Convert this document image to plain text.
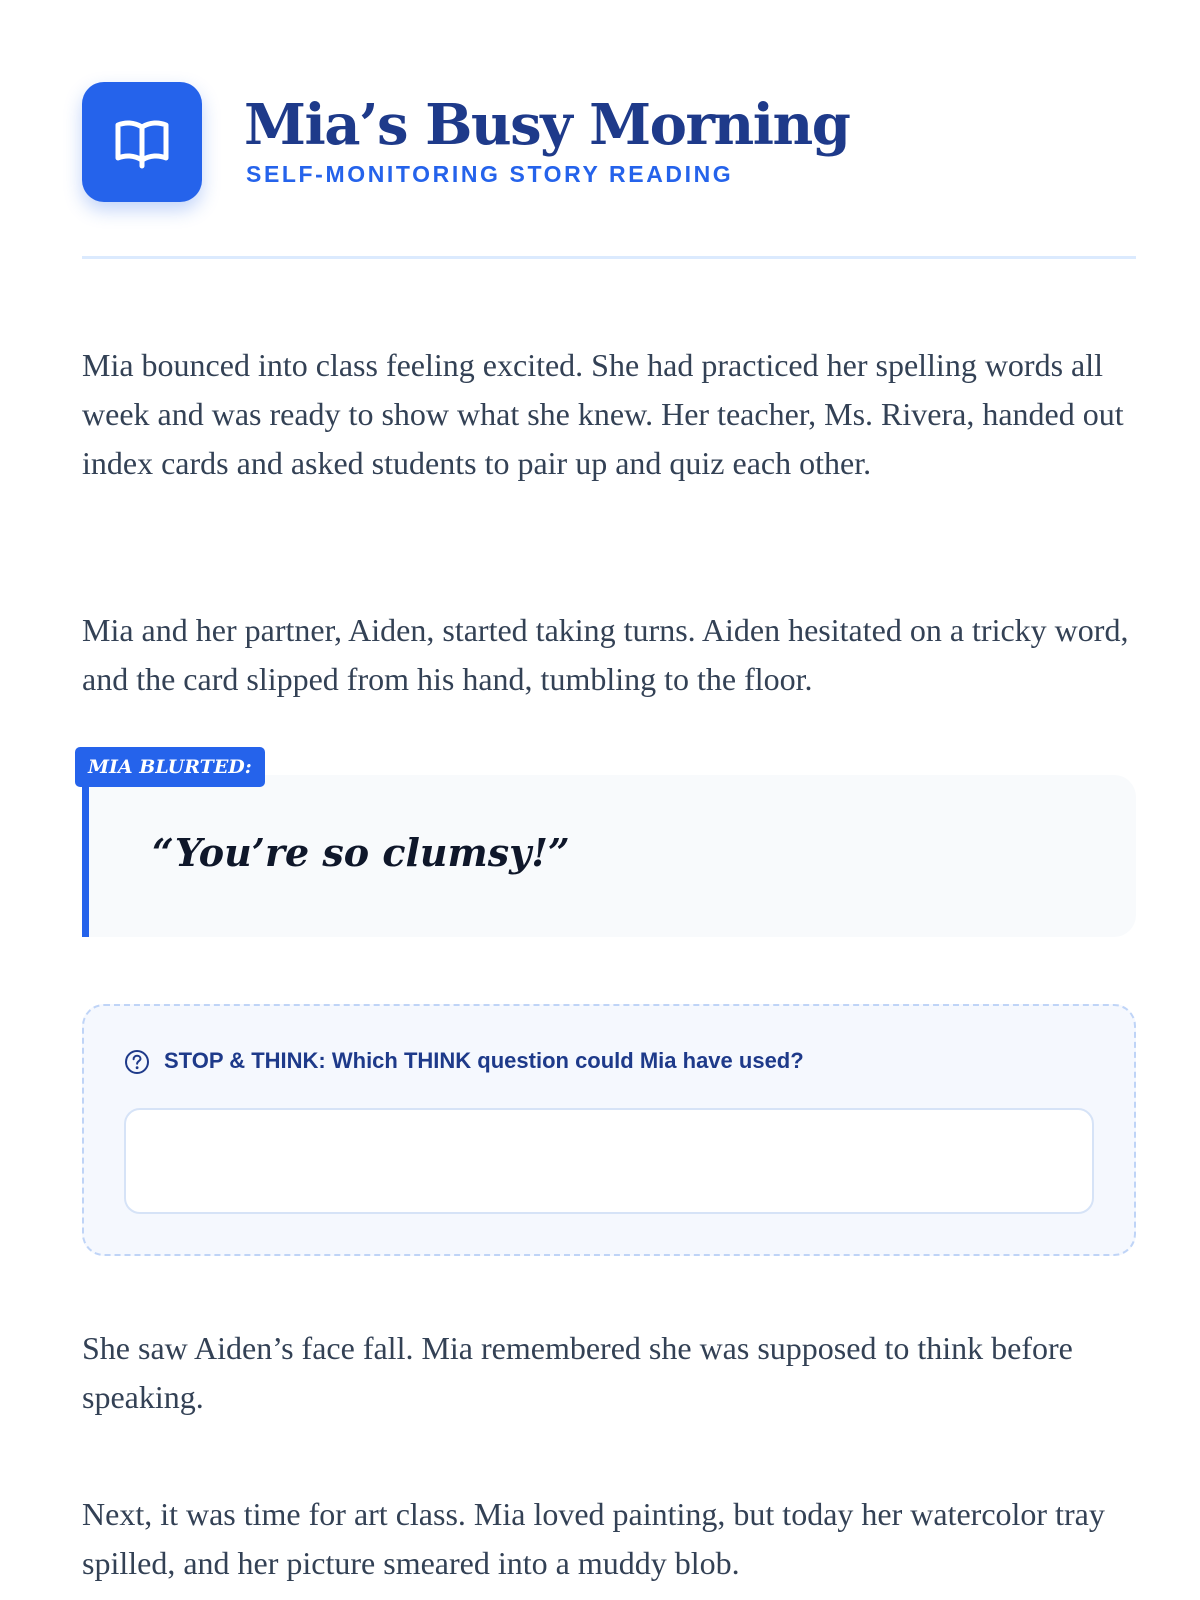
Mia’s Busy Morning
SELF-MONITORING STORY READING

Mia bounced into class feeling excited. She had practiced her spelling words all week and was ready to show what she knew. Her teacher, Ms. Rivera, handed out index cards and asked students to pair up and quiz each other.

Mia and her partner, Aiden, started taking turns. Aiden hesitated on a tricky word, and the card slipped from his hand, tumbling to the floor.

“You’re so clumsy!”

MIA BLURTED:
STOP & THINK: Which THINK question could Mia have used?

She saw Aiden’s face fall. Mia remembered she was supposed to think before speaking.

Next, it was time for art class. Mia loved painting, but today her watercolor tray spilled, and her picture smeared into a muddy blob.
